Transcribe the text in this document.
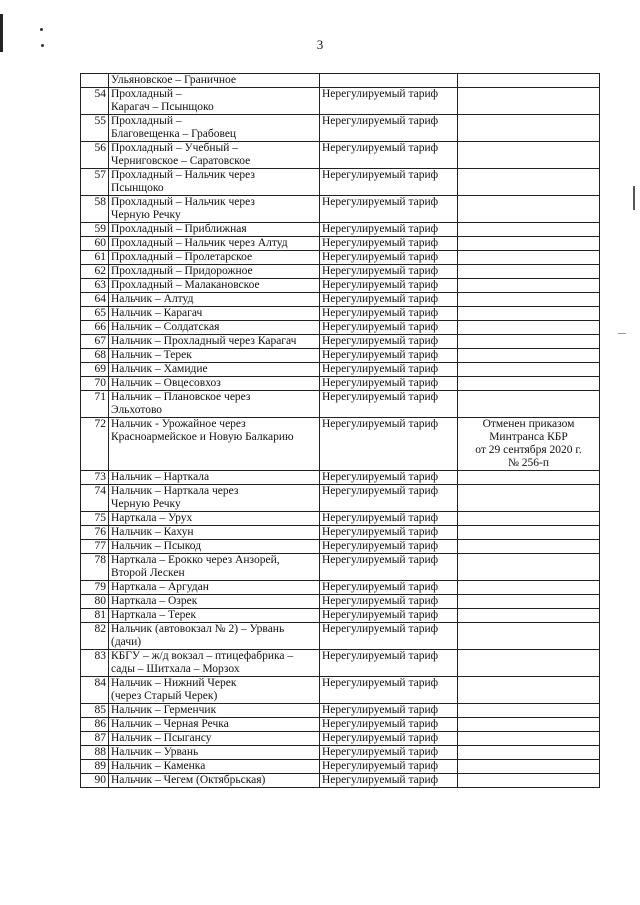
3

	Ульяновское – Граничное		

54	Прохладный –
Карагач – Псынщоко	Нерегулируемый тариф	
55	Прохладный –
Благовещенка – Грабовец	Нерегулируемый тариф	
56	Прохладный – Учебный –
Черниговское – Саратовское	Нерегулируемый тариф	
57	Прохладный – Нальчик через
Псынщоко	Нерегулируемый тариф	
58	Прохладный – Нальчик через
Черную Речку	Нерегулируемый тариф	
59	Прохладный – Приближная	Нерегулируемый тариф	
60	Прохладный – Нальчик через Алтуд	Нерегулируемый тариф	
61	Прохладный – Пролетарское	Нерегулируемый тариф	
62	Прохладный – Придорожное	Нерегулируемый тариф	
63	Прохладный – Малакановское	Нерегулируемый тариф	
64	Нальчик – Алтуд	Нерегулируемый тариф	
65	Нальчик – Карагач	Нерегулируемый тариф	
66	Нальчик – Солдатская	Нерегулируемый тариф	
67	Нальчик – Прохладный через Карагач	Нерегулируемый тариф	
68	Нальчик – Терек	Нерегулируемый тариф	
69	Нальчик – Хамидие	Нерегулируемый тариф	
70	Нальчик – Овцесовхоз	Нерегулируемый тариф	
71	Нальчик – Плановское через
Эльхотово	Нерегулируемый тариф	
72	Нальчик - Урожайное через
Красноармейское и Новую Балкарию	Нерегулируемый тариф	Отменен приказом
Минтранса КБР
от 29 сентября 2020 г.
№ 256-п

73	Нальчик – Нарткала	Нерегулируемый тариф	
74	Нальчик – Нарткала через
Черную Речку	Нерегулируемый тариф	
75	Нарткала – Урух	Нерегулируемый тариф	
76	Нальчик – Кахун	Нерегулируемый тариф	
77	Нальчик – Псыкод	Нерегулируемый тариф	
78	Нарткала – Ерокко через Анзорей,
Второй Лескен	Нерегулируемый тариф	
79	Нарткала – Аргудан	Нерегулируемый тариф	
80	Нарткала – Озрек	Нерегулируемый тариф	
81	Нарткала – Терек	Нерегулируемый тариф	
82	Нальчик (автовокзал № 2) – Урвань
(дачи)	Нерегулируемый тариф	
83	КБГУ – ж/д вокзал – птицефабрика –
сады – Шитхала – Морзох	Нерегулируемый тариф	
84	Нальчик – Нижний Черек
(через Старый Черек)	Нерегулируемый тариф	
85	Нальчик – Герменчик	Нерегулируемый тариф	
86	Нальчик – Черная Речка	Нерегулируемый тариф	
87	Нальчик – Псыгансу	Нерегулируемый тариф	
88	Нальчик – Урвань	Нерегулируемый тариф	
89	Нальчик – Каменка	Нерегулируемый тариф	
90	Нальчик – Чегем (Октябрьская)	Нерегулируемый тариф	
